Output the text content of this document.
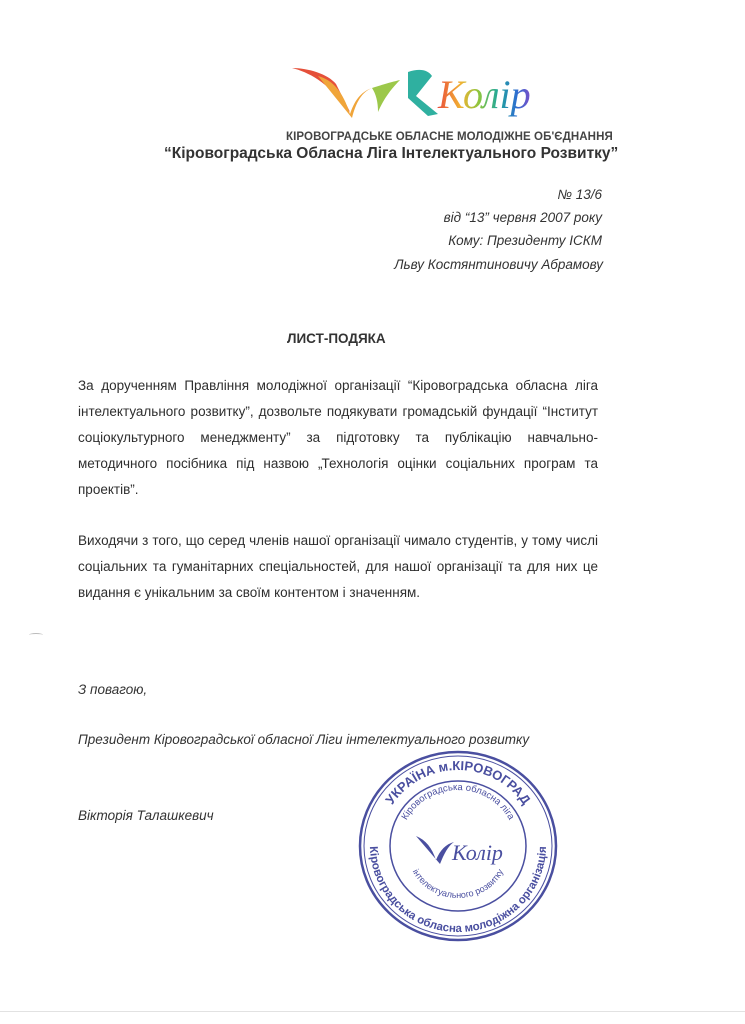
Колір
КІРОВОГРАДСЬКЕ ОБЛАСНЕ МОЛОДІЖНЕ ОБ'ЄДНАННЯ
“Кіровоградська Обласна Ліга Інтелектуального Розвитку”
№ 13/6
від “13” червня 2007 року
Кому: Президенту ІСКМ
Льву Костянтиновичу Абрамову
ЛИСТ-ПОДЯКА
За дорученням Правління молодіжної організації “Кіровоградська обласна ліга інтелектуального розвитку”, дозвольте подякувати громадській фундації “Інститут соціокультурного менеджменту” за підготовку та публікацію навчально-методичного посібника під назвою „Технологія оцінки соціальних програм та проектів”.
Виходячи з того, що серед членів нашої організації чимало студентів, у тому числі соціальних та гуманітарних спеціальностей, для нашої організації та для них це видання є унікальним за своїм контентом і значенням.
З повагою,
Президент Кіровоградської обласної Ліги інтелектуального розвитку
Вікторія Талашкевич
УКРАЇНА м.КІРОВОГРАД
Кіровоградська обласна молодіжна організація
Кіровоградська обласна ліга
Колір
інтелектуального розвитку
